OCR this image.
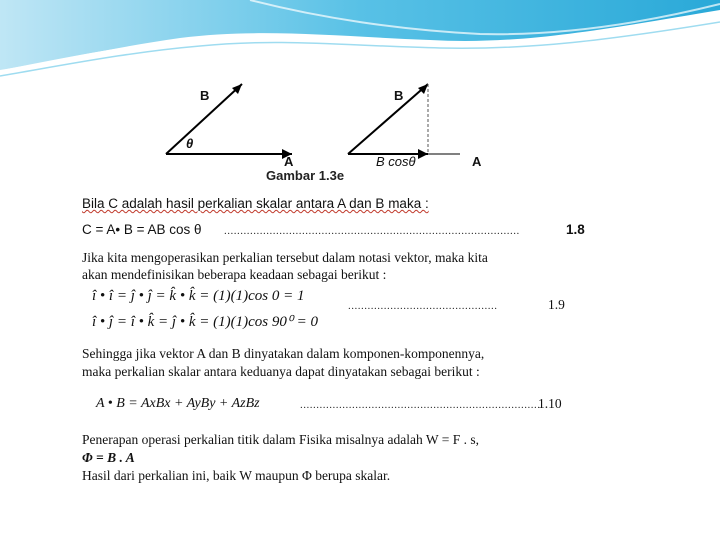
B
θ
A
B
B cosθ	A
Gambar 1.3e
Bila C adalah hasil perkalian skalar antara A dan B maka :
C = A• B = AB cos θ ...........................................................................................	1.8
Jika kita mengoperasikan perkalian tersebut dalam notasi vektor, maka kita
akan mendefinisikan beberapa keadaan sebagai berikut :
î • î = ĵ • ĵ = k̂ • k̂ = (1)(1)cos 0 = 1
..............................................	1.9
î • ĵ = î • k̂ = ĵ • k̂ = (1)(1)cos 90⁰ = 0
Sehingga jika vektor A dan B dinyatakan dalam komponen-komponennya,
maka perkalian skalar antara keduanya dapat dinyatakan sebagai berikut :
A • B = AxBx + AyBy + AzBz	..........................................................................
1.10
Penerapan operasi perkalian titik dalam Fisika misalnya adalah W = F . s,
Φ = B . A
Hasil dari perkalian ini, baik W maupun Φ berupa skalar.
